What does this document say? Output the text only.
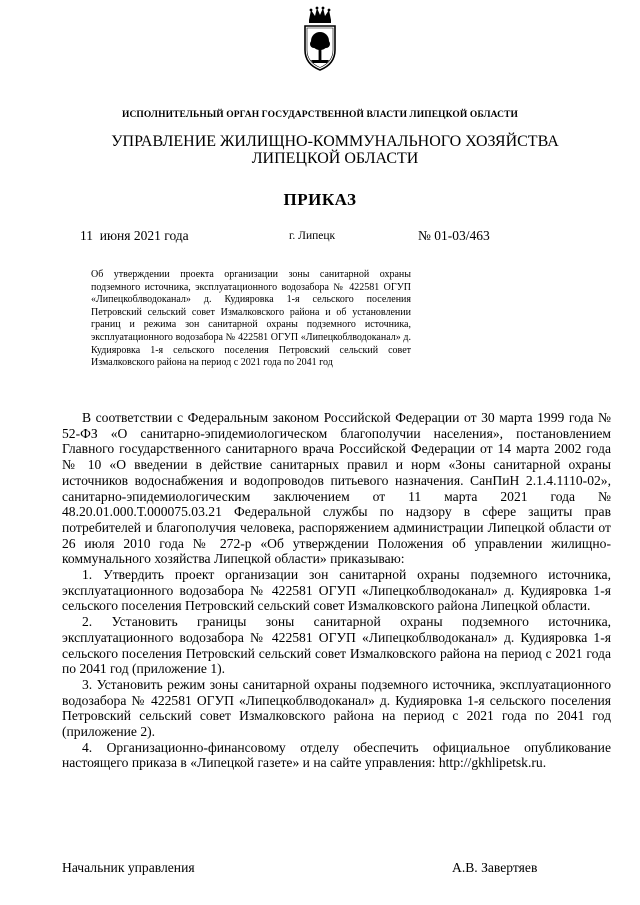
ИСПОЛНИТЕЛЬНЫЙ ОРГАН ГОСУДАРСТВЕННОЙ ВЛАСТИ ЛИПЕЦКОЙ ОБЛАСТИ
УПРАВЛЕНИЕ ЖИЛИЩНО-КОММУНАЛЬНОГО ХОЗЯЙСТВА
ЛИПЕЦКОЙ ОБЛАСТИ
ПРИКАЗ
11  июня 2021 года	г. Липецк	№ 01-03/463
Об утверждении проекта организации зоны санитарной охраны подземного источника, эксплуатационного водозабора № 422581 ОГУП «Липецкоблводоканал» д. Кудияровка 1-я сельского поселения Петровский сельский совет Измалковского района и об установлении границ и режима зон санитарной охраны подземного источника, эксплуатационного водозабора № 422581 ОГУП «Липецкоблводоканал» д. Кудияровка 1-я сельского поселения Петровский сельский совет Измалковского района на период с 2021 года по 2041 год

В соответствии с Федеральным законом Российской Федерации от 30 марта 1999 года № 52-ФЗ «О санитарно-эпидемиологическом благополучии населения», постановлением Главного государственного санитарного врача Российской Федерации от 14 марта 2002 года № 10 «О введении в действие санитарных правил и норм «Зоны санитарной охраны источников водоснабжения и водопроводов питьевого назначения. СанПиН 2.1.4.1110-02», санитарно-эпидемиологическим заключением от 11 марта 2021 года № 48.20.01.000.Т.000075.03.21 Федеральной службы по надзору в сфере защиты прав потребителей и благополучия человека, распоряжением администрации Липецкой области от 26 июля 2010 года № 272-р «Об утверждении Положения об управлении жилищно-коммунального хозяйства Липецкой области» приказываю:

1. Утвердить проект организации зон санитарной охраны подземного источника, эксплуатационного водозабора № 422581 ОГУП «Липецкоблводоканал» д. Кудияровка 1-я сельского поселения Петровский сельский совет Измалковского района Липецкой области.

2. Установить границы зоны санитарной охраны подземного источника, эксплуатационного водозабора № 422581 ОГУП «Липецкоблводоканал» д. Кудияровка 1-я сельского поселения Петровский сельский совет Измалковского района на период с 2021 года по 2041 год (приложение 1).

3. Установить режим зоны санитарной охраны подземного источника, эксплуатационного водозабора № 422581 ОГУП «Липецкоблводоканал» д. Кудияровка 1-я сельского поселения Петровский сельский совет Измалковского района на период с 2021 года по 2041 год (приложение 2).

4. Организационно-финансовому отделу обеспечить официальное опубликование настоящего приказа в «Липецкой газете» и на сайте управления: http://gkhlipetsk.ru.

Начальник управления	А.В. Завертяев
